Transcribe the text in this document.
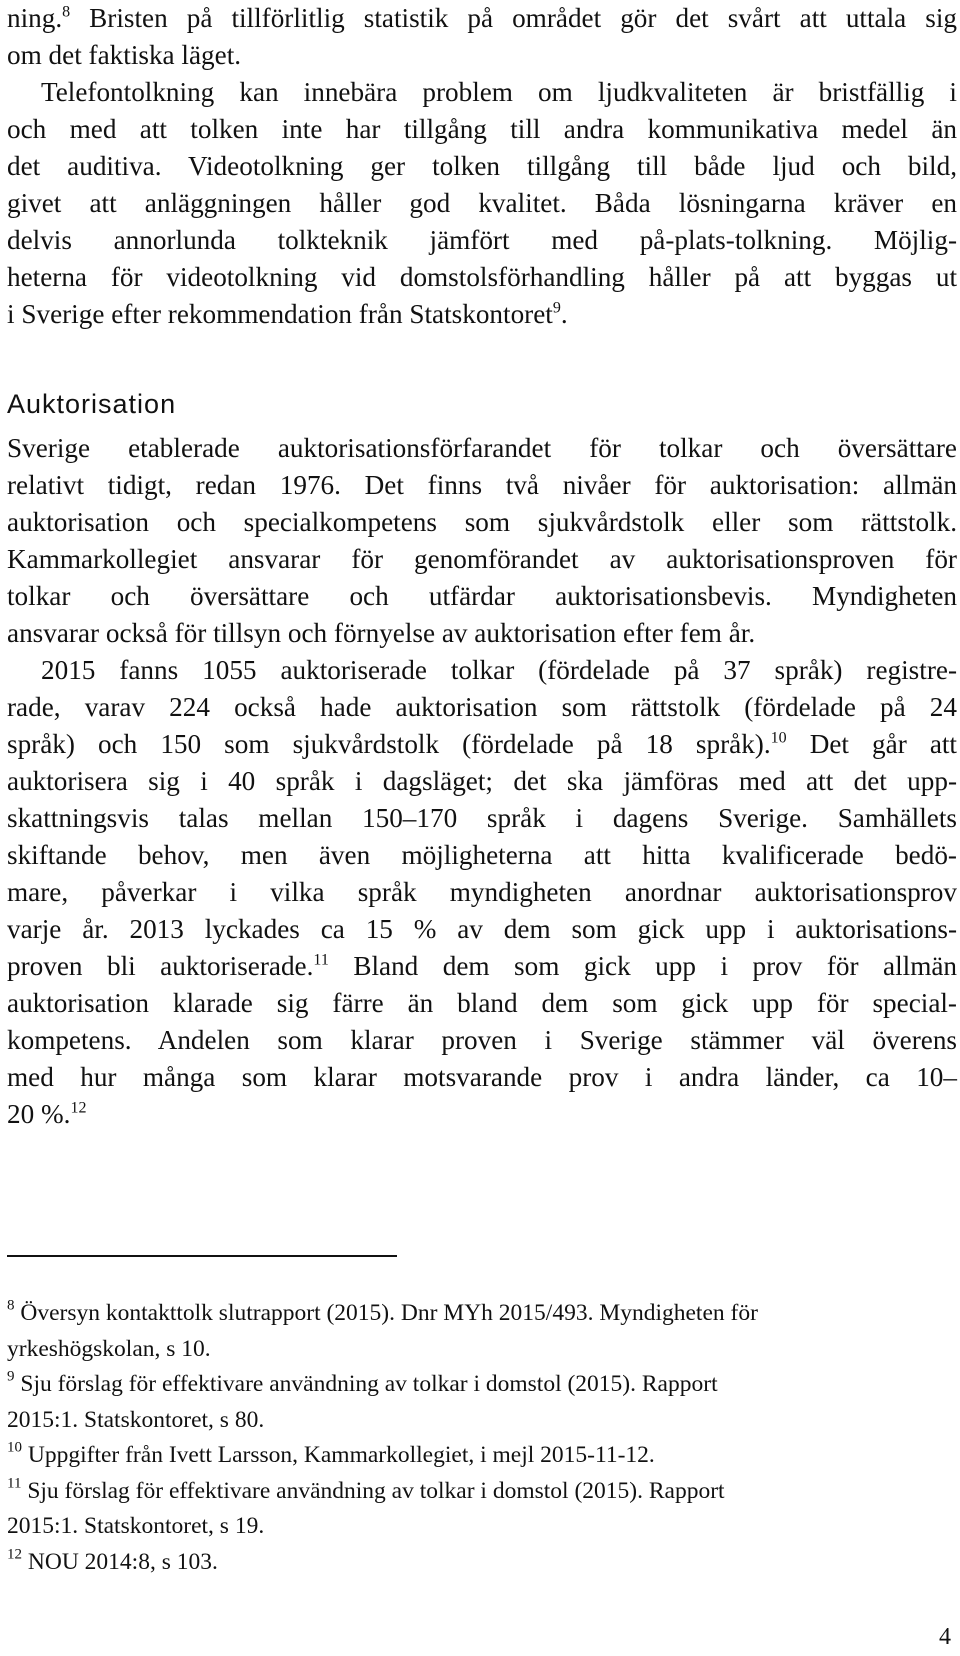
ning.$^8$ Bristen på tillförlitlig statistik på området gör det svårt att uttala sig
om det faktiska läget.

Telefontolkning kan innebära problem om ljudkvaliteten är bristfällig i
och med att tolken inte har tillgång till andra kommunikativa medel än
det auditiva. Videotolkning ger tolken tillgång till både ljud och bild,
givet att anläggningen håller god kvalitet. Båda lösningarna kräver en
delvis annorlunda tolkteknik jämfört med på-plats-tolkning. Möjlig-
heterna för videotolkning vid domstolsförhandling håller på att byggas ut
i Sverige efter rekommendation från Statskontoret$^9$.

Auktorisation

Sverige etablerade auktorisationsförfarandet för tolkar och översättare
relativt tidigt, redan 1976. Det finns två nivåer för auktorisation: allmän
auktorisation och specialkompetens som sjukvårdstolk eller som rättstolk.
Kammarkollegiet ansvarar för genomförandet av auktorisationsproven för
tolkar och översättare och utfärdar auktorisationsbevis. Myndigheten
ansvarar också för tillsyn och förnyelse av auktorisation efter fem år.

2015 fanns 1055 auktoriserade tolkar (fördelade på 37 språk) registre-
rade, varav 224 också hade auktorisation som rättstolk (fördelade på 24
språk) och 150 som sjukvårdstolk (fördelade på 18 språk).$^{10}$ Det går att
auktorisera sig i 40 språk i dagsläget; det ska jämföras med att det upp-
skattningsvis talas mellan 150–170 språk i dagens Sverige. Samhällets
skiftande behov, men även möjligheterna att hitta kvalificerade bedö-
mare, påverkar i vilka språk myndigheten anordnar auktorisationsprov
varje år. 2013 lyckades ca 15 % av dem som gick upp i auktorisations-
proven bli auktoriserade.$^{11}$ Bland dem som gick upp i prov för allmän
auktorisation klarade sig färre än bland dem som gick upp för special-
kompetens. Andelen som klarar proven i Sverige stämmer väl överens
med hur många som klarar motsvarande prov i andra länder, ca 10–
20 %.$^{12}$

$^8$ Översyn kontakttolk slutrapport (2015). Dnr MYh 2015/493. Myndigheten för
yrkeshögskolan, s 10.

$^9$ Sju förslag för effektivare användning av tolkar i domstol (2015). Rapport
2015:1. Statskontoret, s 80.

$^{10}$ Uppgifter från Ivett Larsson, Kammarkollegiet, i mejl 2015-11-12.

$^{11}$ Sju förslag för effektivare användning av tolkar i domstol (2015). Rapport
2015:1. Statskontoret, s 19.

$^{12}$ NOU 2014:8, s 103.

4
